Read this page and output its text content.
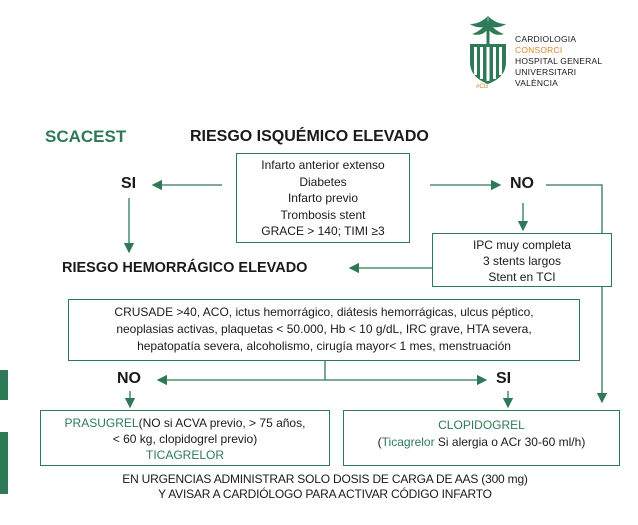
#CG
CARDIOLOGIA
CONSORCI
HOSPITAL GENERAL
UNIVERSITARI
VALÈNCIA
SCACEST	RIESGO ISQUÉMICO ELEVADO
Infarto anterior extenso
Diabetes
Infarto previo
Trombosis stent
GRACE > 140; TIMI ≥3
SI	NO
IPC muy completa
3 stents largos
Stent en TCI
RIESGO HEMORRÁGICO ELEVADO
CRUSADE >40, ACO, ictus hemorrágico, diátesis hemorrágicas, ulcus péptico,
neoplasias activas, plaquetas < 50.000, Hb < 10 g/dL, IRC grave, HTA severa,
hepatopatía severa, alcoholismo, cirugía mayor< 1 mes, menstruación
NO	SI
PRASUGREL(NO si ACVA previo, > 75 años,
< 60 kg, clopidogrel previo)
TICAGRELOR
CLOPIDOGREL
(Ticagrelor Si alergia o ACr 30-60 ml/h)
EN URGENCIAS ADMINISTRAR SOLO DOSIS DE CARGA DE AAS (300 mg)
Y AVISAR A CARDIÓLOGO PARA ACTIVAR CÓDIGO INFARTO
